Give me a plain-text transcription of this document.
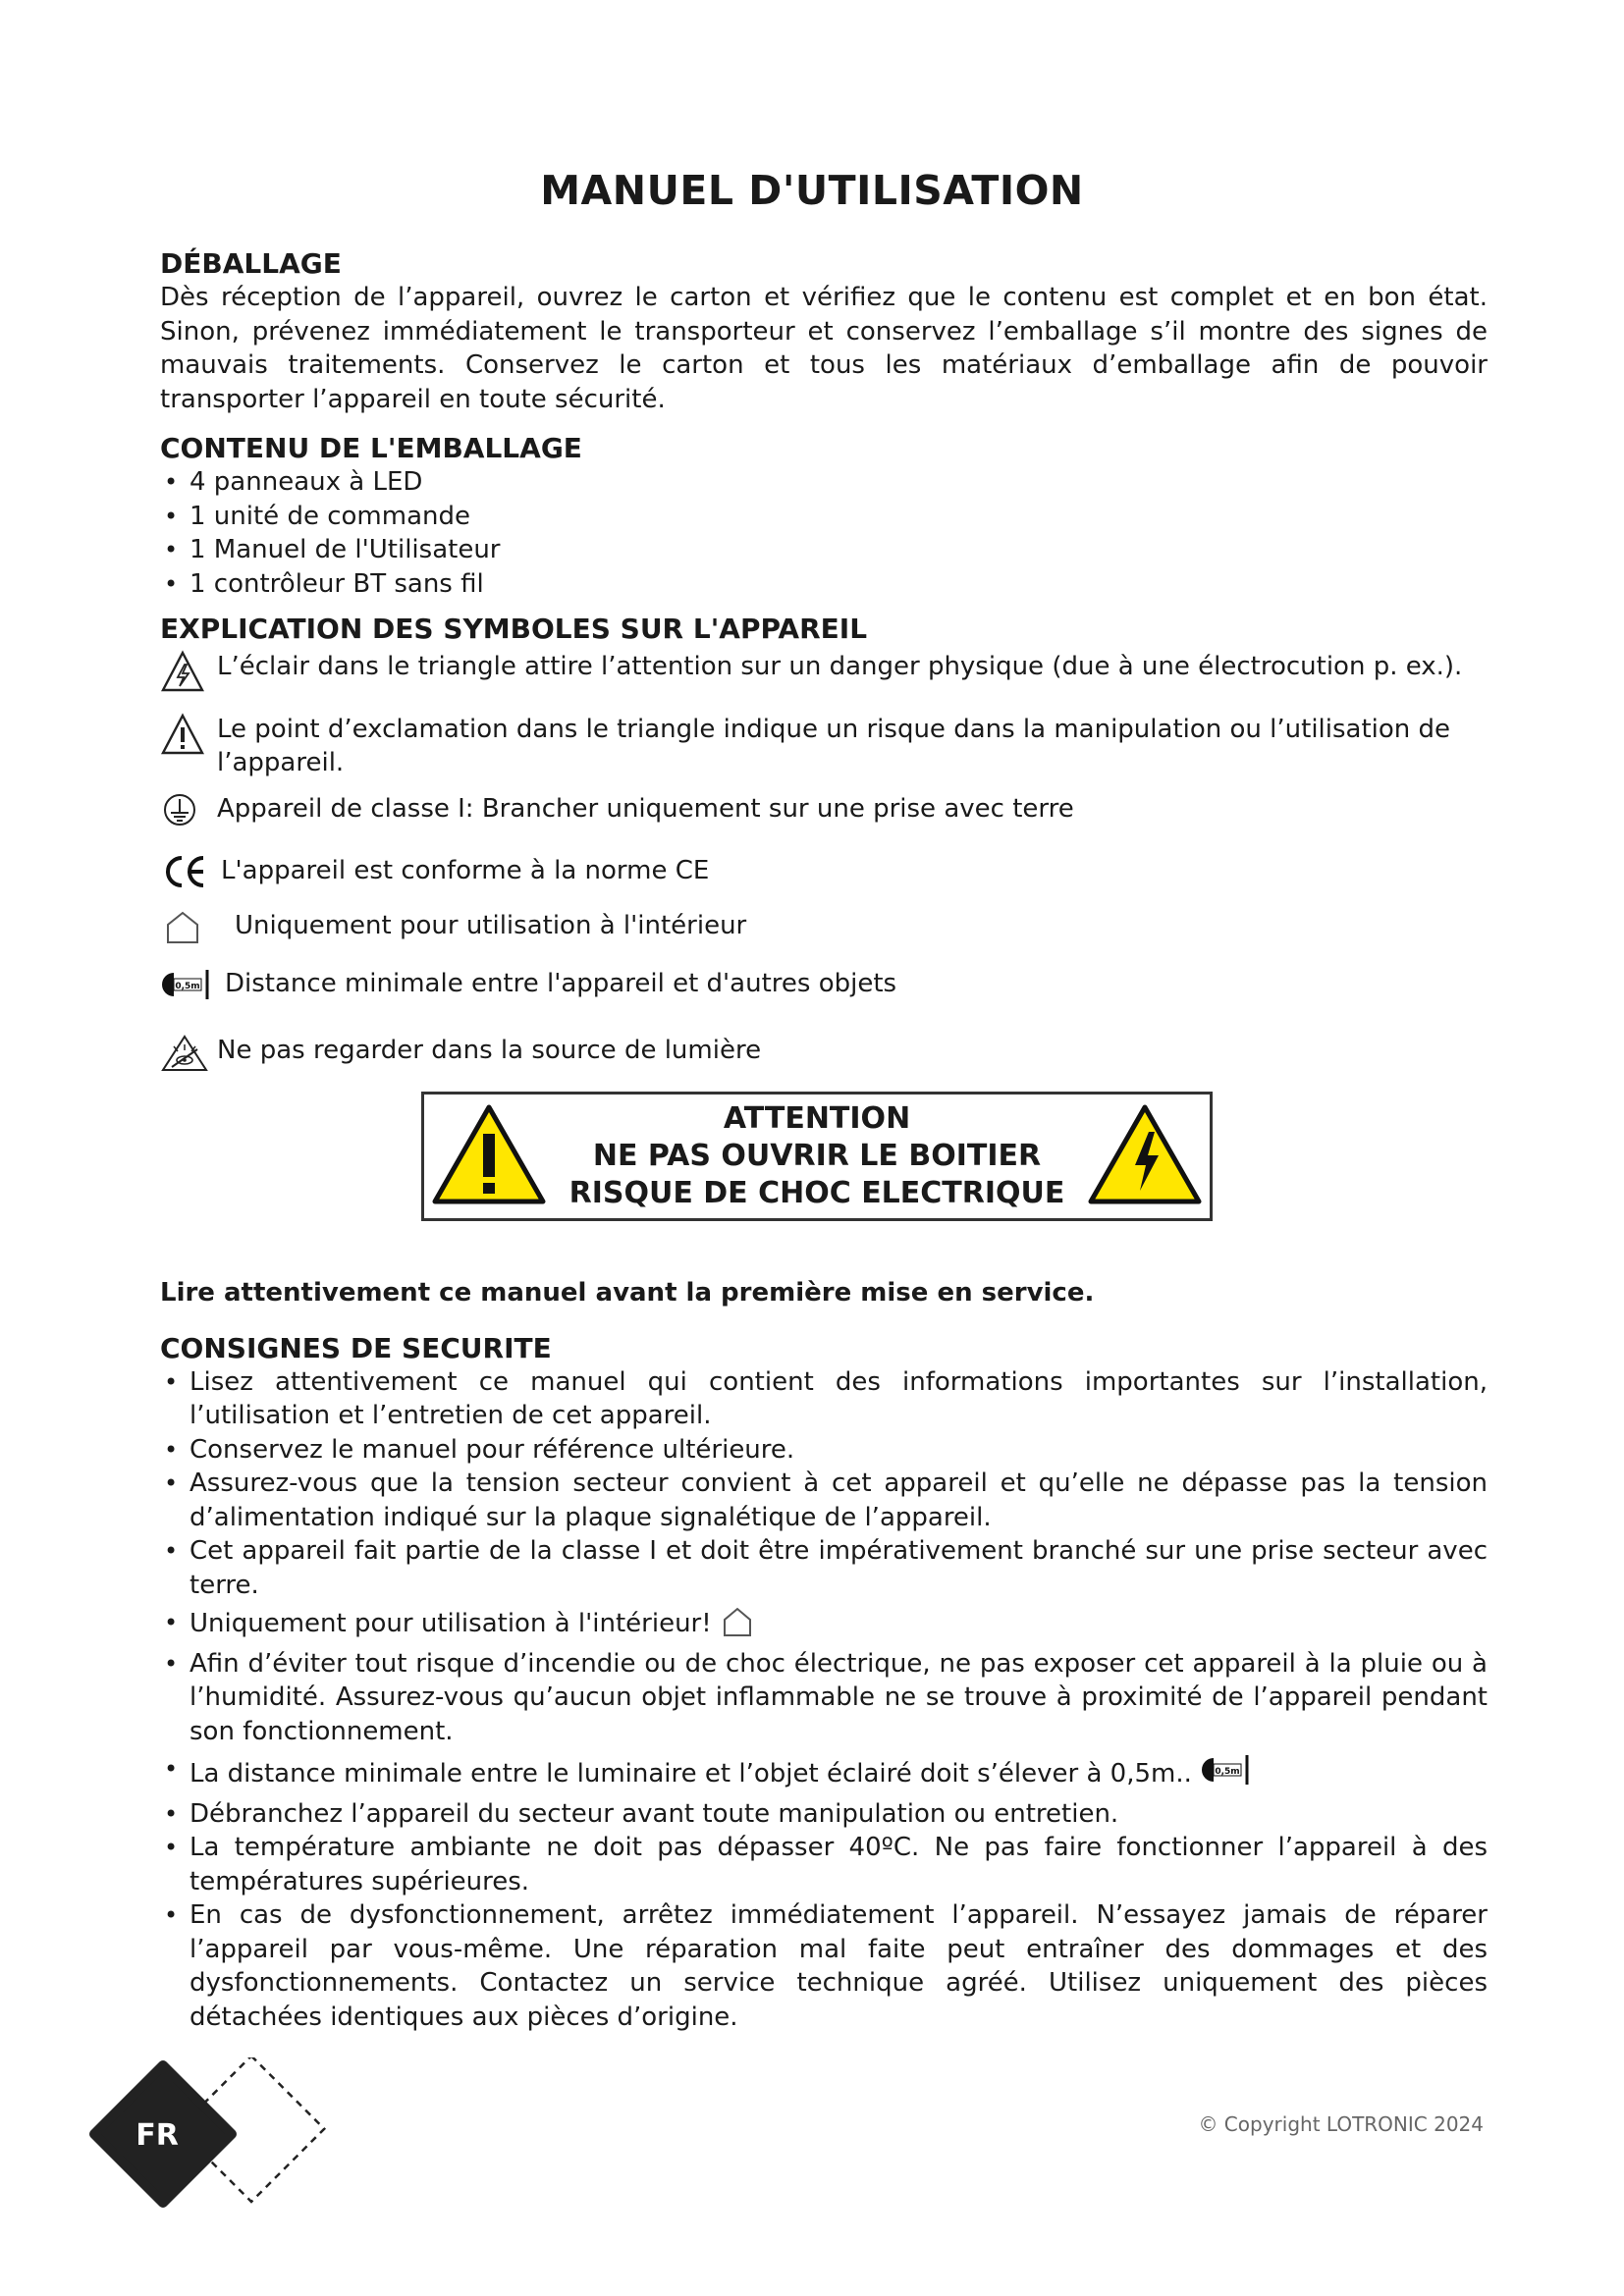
MANUEL D'UTILISATION
DÉBALLAGE

Dès réception de l’appareil, ouvrez le carton et vérifiez que le contenu est complet et en bon état. Sinon, prévenez immédiatement le transporteur et conservez l’emballage s’il montre des signes de mauvais traitements. Conservez le carton et tous les matériaux d’emballage afin de pouvoir transporter l’appareil en toute sécurité.

CONTENU DE L'EMBALLAGE
• 4 panneaux à LED
• 1 unité de commande
• 1 Manuel de l'Utilisateur
• 1 contrôleur BT sans fil
EXPLICATION DES SYMBOLES SUR L'APPAREIL
L’éclair dans le triangle attire l’attention sur un danger physique (due à une électrocution p. ex.).
Le point d’exclamation dans le triangle indique un risque dans la manipulation ou l’utilisation de l’appareil.
Appareil de classe I: Brancher uniquement sur une prise avec terre
L'appareil est conforme à la norme CE
Uniquement pour utilisation à l'intérieur
0,5m Distance minimale entre l'appareil et d'autres objets
Ne pas regarder dans la source de lumière
ATTENTION
NE PAS OUVRIR LE BOITIER
RISQUE DE CHOC ELECTRIQUE

Lire attentivement ce manuel avant la première mise en service.

CONSIGNES DE SECURITE
• Lisez attentivement ce manuel qui contient des informations importantes sur l’installation, l’utilisation et l’entretien de cet appareil.
• Conservez le manuel pour référence ultérieure.
• Assurez-vous que la tension secteur convient à cet appareil et qu’elle ne dépasse pas la tension d’alimentation indiqué sur la plaque signalétique de l’appareil.
• Cet appareil fait partie de la classe I et doit être impérativement branché sur une prise secteur avec terre.
• Uniquement pour utilisation à l'intérieur!
• Afin d’éviter tout risque d’incendie ou de choc électrique, ne pas exposer cet appareil à la pluie ou à l’humidité. Assurez-vous qu’aucun objet inflammable ne se trouve à proximité de l’appareil pendant son fonctionnement.
• La distance minimale entre le luminaire et l’objet éclairé doit s’élever à 0,5m..	0,5m
• Débranchez l’appareil du secteur avant toute manipulation ou entretien.
• La température ambiante ne doit pas dépasser 40ºC. Ne pas faire fonctionner l’appareil à des températures supérieures.
• En cas de dysfonctionnement, arrêtez immédiatement l’appareil. N’essayez jamais de réparer l’appareil par vous-même. Une réparation mal faite peut entraîner des dommages et des dysfonctionnements. Contactez un service technique agréé. Utilisez uniquement des pièces détachées identiques aux pièces d’origine.
FR	© Copyright LOTRONIC 2024
